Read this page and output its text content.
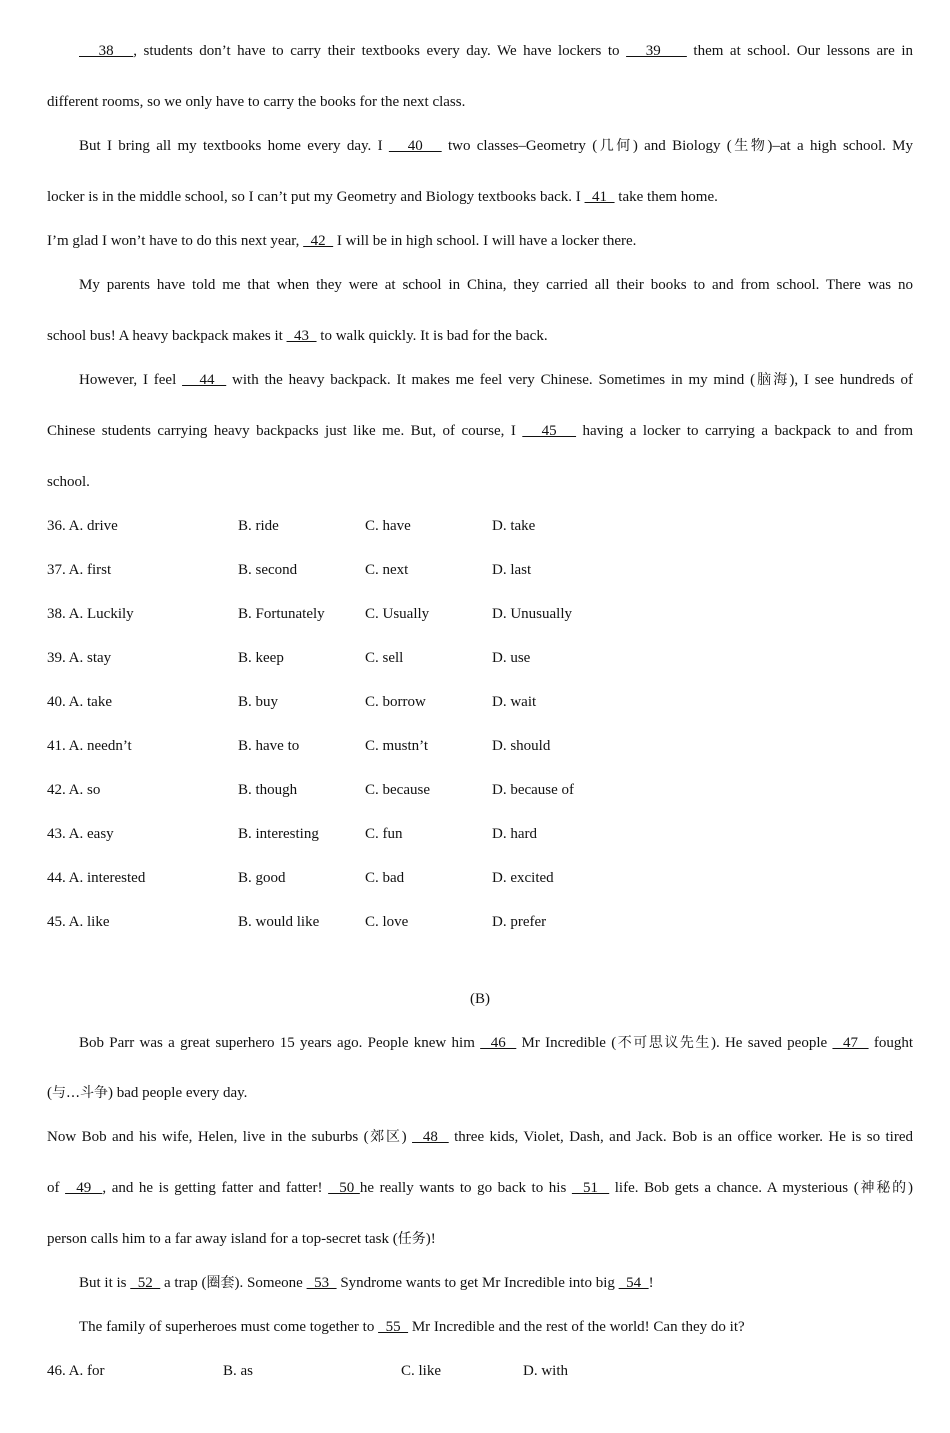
38   , students don’t have to carry their textbooks every day. We have lockers to    39     them at school. Our lessons are in
different rooms, so we only have to carry the books for the next class.
But I bring all my textbooks home every day. I    40    two classes–Geometry (几何) and Biology (生物)–at a high school. My
locker is in the middle school, so I can’t put my Geometry and Biology textbooks back. I   41   take them home.
I’m glad I won’t have to do this next year,   42   I will be in high school. I will have a locker there.
My parents have told me that when they were at school in China, they carried all their books to and from school. There was no
school bus! A heavy backpack makes it   43   to walk quickly. It is bad for the back.
However, I feel    44   with the heavy backpack. It makes me feel very Chinese. Sometimes in my mind (脑海), I see hundreds of
Chinese students carrying heavy backpacks just like me. But, of course, I    45    having a locker to carrying a backpack to and from
school.
36. A. drive	B. ride	C. have	D. take
37. A. first	B. second	C. next	D. last
38. A. Luckily	B. Fortunately	C. Usually	D. Unusually
39. A. stay	B. keep	C. sell	D. use
40. A. take	B. buy	C. borrow	D. wait
41. A. needn’t	B. have to	C. mustn’t	D. should
42. A. so	B. though	C. because	D. because of
43. A. easy	B. interesting	C. fun	D. hard
44. A. interested	B. good	C. bad	D. excited
45. A. like	B. would like	C. love	D. prefer
(B)
Bob Parr was a great superhero 15 years ago. People knew him   46   Mr Incredible (不可思议先生). He saved people   47   fought
(与…斗争) bad people every day.
Now Bob and his wife, Helen, live in the suburbs (郊区)   48   three kids, Violet, Dash, and Jack. Bob is an office worker. He is so tired
of   49  , and he is getting fatter and fatter!   50 he really wants to go back to his   51   life. Bob gets a chance. A mysterious (神秘的)
person calls him to a far away island for a top-secret task (任务)!
But it is   52   a trap (圈套). Someone   53   Syndrome wants to get Mr Incredible into big   54  !
The family of superheroes must come together to   55   Mr Incredible and the rest of the world! Can they do it?
46. A. for	B. as	C. like	D. with
